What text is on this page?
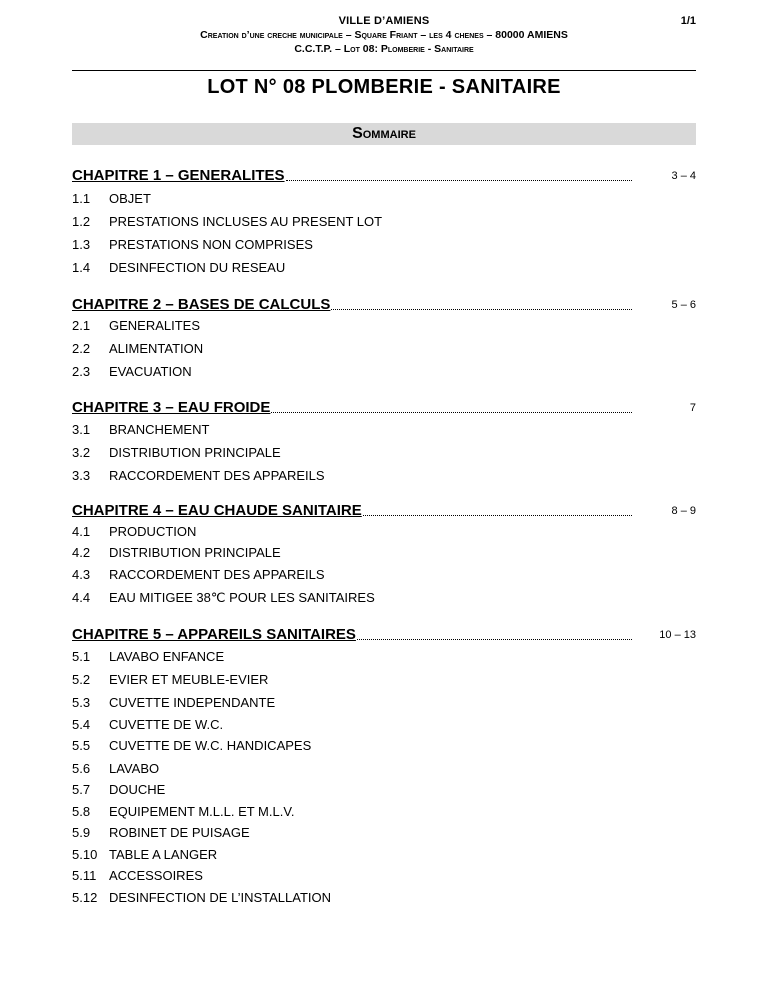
VILLE D’AMIENS	1/1
Creation d’une creche municipale – Square Friant – les 4 chenes – 80000 AMIENS
C.C.T.P. – Lot 08: Plomberie - Sanitaire
LOT N° 08 PLOMBERIE - SANITAIRE
Sommaire
CHAPITRE 1 – GENERALITES	3 – 4
1.1 OBJET
1.2 PRESTATIONS INCLUSES AU PRESENT LOT
1.3 PRESTATIONS NON COMPRISES
1.4 DESINFECTION DU RESEAU
CHAPITRE 2 – BASES DE CALCULS	5 – 6
2.1 GENERALITES
2.2 ALIMENTATION
2.3 EVACUATION
CHAPITRE 3 – EAU FROIDE	7
3.1 BRANCHEMENT
3.2 DISTRIBUTION PRINCIPALE
3.3 RACCORDEMENT DES APPAREILS
CHAPITRE 4 – EAU CHAUDE SANITAIRE	8 – 9
4.1 PRODUCTION
4.2 DISTRIBUTION PRINCIPALE
4.3 RACCORDEMENT DES APPAREILS
4.4 EAU MITIGEE 38℃ POUR LES SANITAIRES
CHAPITRE 5 – APPAREILS SANITAIRES	10 – 13
5.1 LAVABO ENFANCE
5.2 EVIER ET MEUBLE-EVIER
5.3 CUVETTE INDEPENDANTE
5.4 CUVETTE DE W.C.
5.5 CUVETTE DE W.C. HANDICAPES
5.6 LAVABO
5.7 DOUCHE
5.8 EQUIPEMENT M.L.L. ET M.L.V.
5.9 ROBINET DE PUISAGE
5.10 TABLE A LANGER
5.11 ACCESSOIRES
5.12 DESINFECTION DE L’INSTALLATION
